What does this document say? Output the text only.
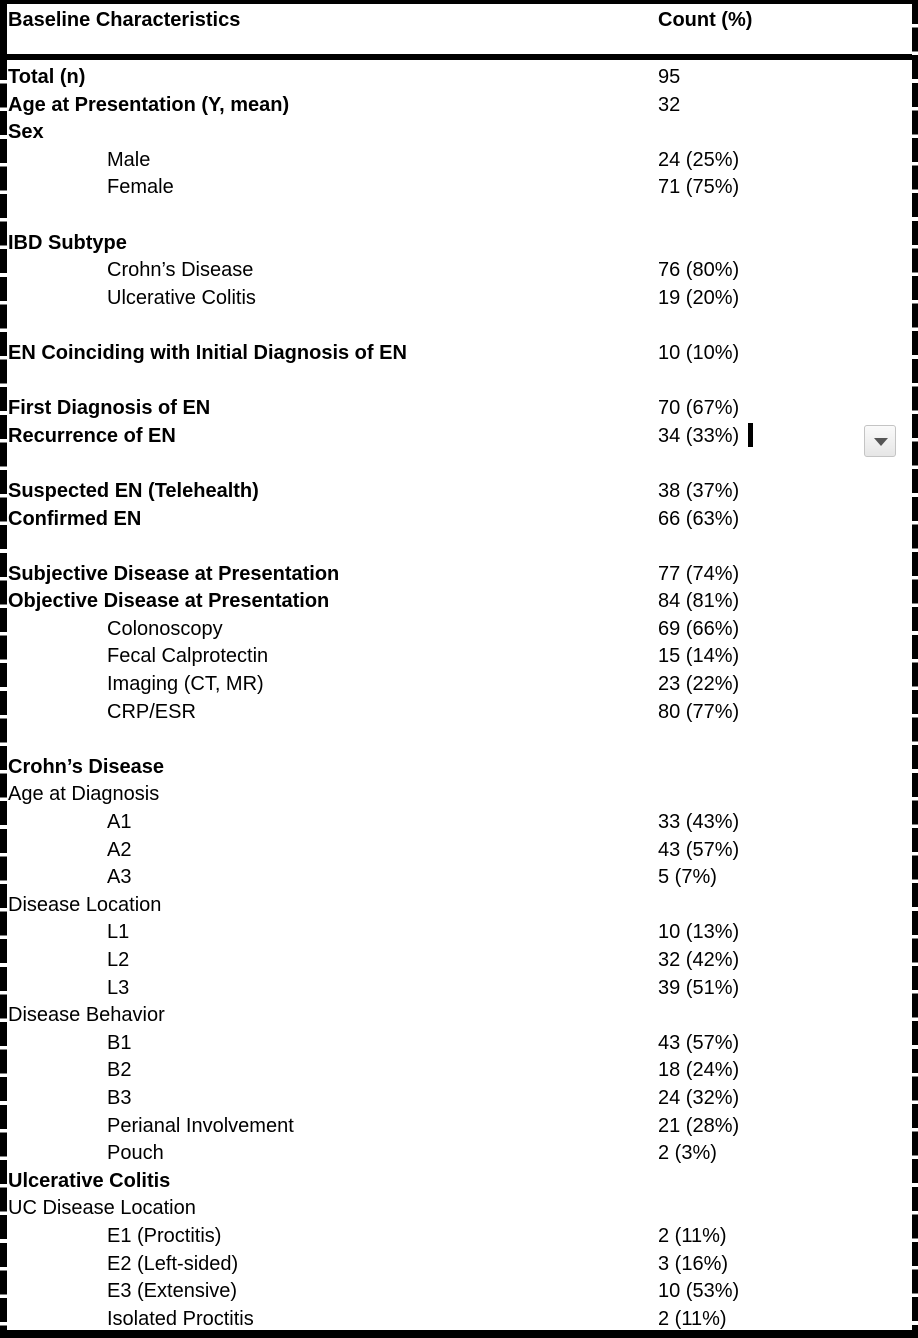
Baseline Characteristics	Count (%)
Total (n)	95
Age at Presentation (Y, mean)	32
Sex
Male	24 (25%)
Female	71 (75%)
IBD Subtype
Crohn’s Disease	76 (80%)
Ulcerative Colitis	19 (20%)
EN Coinciding with Initial Diagnosis of EN	10 (10%)
First Diagnosis of EN	70 (67%)
Recurrence of EN	34 (33%)
Suspected EN (Telehealth)	38 (37%)
Confirmed EN	66 (63%)
Subjective Disease at Presentation	77 (74%)
Objective Disease at Presentation	84 (81%)
Colonoscopy	69 (66%)
Fecal Calprotectin	15 (14%)
Imaging (CT, MR)	23 (22%)
CRP/ESR	80 (77%)
Crohn’s Disease
Age at Diagnosis
A1	33 (43%)
A2	43 (57%)
A3	5 (7%)
Disease Location
L1	10 (13%)
L2	32 (42%)
L3	39 (51%)
Disease Behavior
B1	43 (57%)
B2	18 (24%)
B3	24 (32%)
Perianal Involvement	21 (28%)
Pouch	2 (3%)
Ulcerative Colitis
UC Disease Location
E1 (Proctitis)	2 (11%)
E2 (Left-sided)	3 (16%)
E3 (Extensive)	10 (53%)
Isolated Proctitis	2 (11%)
